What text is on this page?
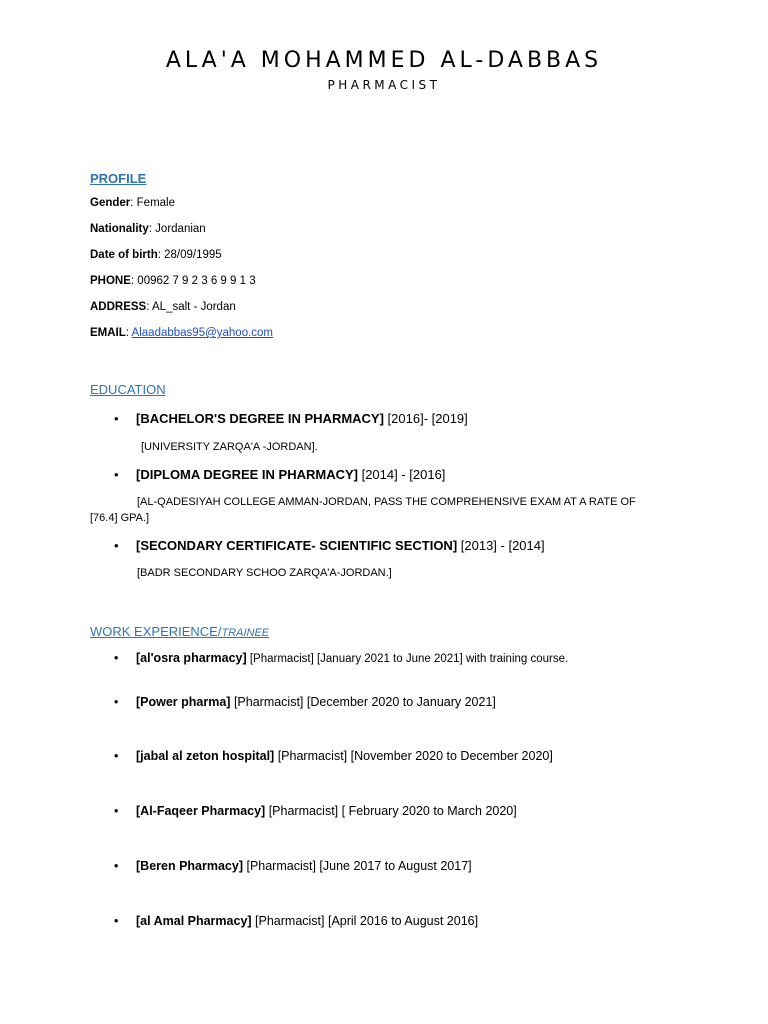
ALA'A MOHAMMED AL-DABBAS
PHARMACIST
PROFILE
Gender: Female
Nationality: Jordanian
Date of birth: 28/09/1995
PHONE: 00962 7 9 2 3 6 9 9 1 3
ADDRESS: AL_salt - Jordan
EMAIL: Alaadabbas95@yahoo.com
EDUCATION
• [BACHELOR'S DEGREE IN PHARMACY] [2016]- [2019]
[UNIVERSITY ZARQA'A -JORDAN].
• [DIPLOMA DEGREE IN PHARMACY] [2014] - [2016]
[AL-QADESIYAH COLLEGE AMMAN-JORDAN, PASS THE COMPREHENSIVE EXAM AT A RATE OF
[76.4] GPA.]
• [SECONDARY CERTIFICATE- SCIENTIFIC SECTION] [2013] - [2014]
[BADR SECONDARY SCHOO ZARQA'A-JORDAN.]
WORK EXPERIENCE/TRAINEE
• [al'osra pharmacy] [Pharmacist] [January 2021 to June 2021] with training course.
• [Power pharma] [Pharmacist] [December 2020 to January 2021]
• [jabal al zeton hospital] [Pharmacist] [November 2020 to December 2020]
• [Al-Faqeer Pharmacy] [Pharmacist] [ February 2020 to March 2020]
• [Beren Pharmacy] [Pharmacist] [June 2017 to August 2017]
• [al Amal Pharmacy] [Pharmacist] [April 2016 to August 2016]
